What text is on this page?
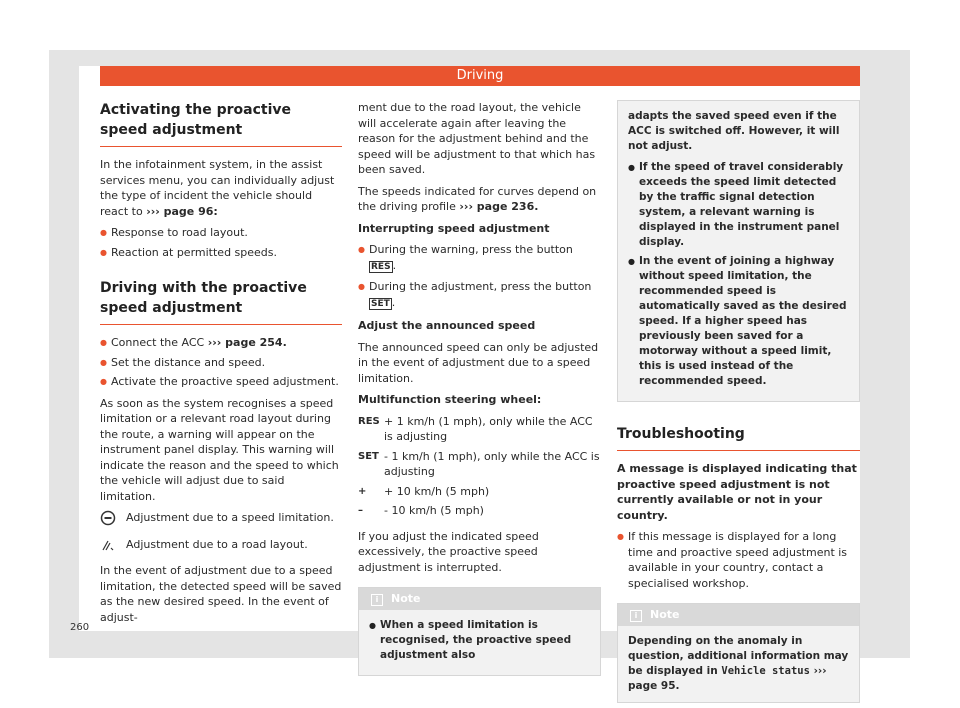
Driving
Activating the proactive speed adjustment

In the infotainment system, in the assist services menu, you can individually adjust the type of incident the vehicle should react to ››› page 96:

● Response to road layout.
● Reaction at permitted speeds.
Driving with the proactive speed adjustment
● Connect the ACC ››› page 254.
● Set the distance and speed.
● Activate the proactive speed adjustment.

As soon as the system recognises a speed limitation or a relevant road layout during the route, a warning will appear on the instrument panel display. This warning will indicate the reason and the speed to which the vehicle will adjust due to said limitation.

Adjustment due to a speed limitation.
Adjustment due to a road layout.

In the event of adjustment due to a speed limitation, the detected speed will be saved as the new desired speed. In the event of adjust-

ment due to the road layout, the vehicle will accelerate again after leaving the reason for the adjustment behind and the speed will be adjustment to that which has been saved.

The speeds indicated for curves depend on the driving profile ››› page 236.

Interrupting speed adjustment

● During the warning, press the button RES .
● During the adjustment, press the button SET .

Adjust the announced speed

The announced speed can only be adjusted in the event of adjustment due to a speed limitation.

Multifunction steering wheel:

RES + 1 km/h (1 mph), only while the ACC is adjusting
SET - 1 km/h (1 mph), only while the ACC is adjusting
+	+ 10 km/h (5 mph)
–	- 10 km/h (5 mph)

If you adjust the indicated speed excessively, the proactive speed adjustment is interrupted.

i Note
● When a speed limitation is recognised, the proactive speed adjustment also

adapts the saved speed even if the ACC is switched off. However, it will not adjust.

● If the speed of travel considerably exceeds the speed limit detected by the traffic signal detection system, a relevant warning is displayed in the instrument panel display.
● In the event of joining a highway without speed limitation, the recommended speed is automatically saved as the desired speed. If a higher speed has previously been saved for a motorway without a speed limit, this is used instead of the recommended speed.
Troubleshooting

A message is displayed indicating that proactive speed adjustment is not currently available or not in your country.

● If this message is displayed for a long time and proactive speed adjustment is available in your country, contact a specialised workshop.
i Note
Depending on the anomaly in question, additional information may be displayed in Vehicle status ››› page 95.
260
